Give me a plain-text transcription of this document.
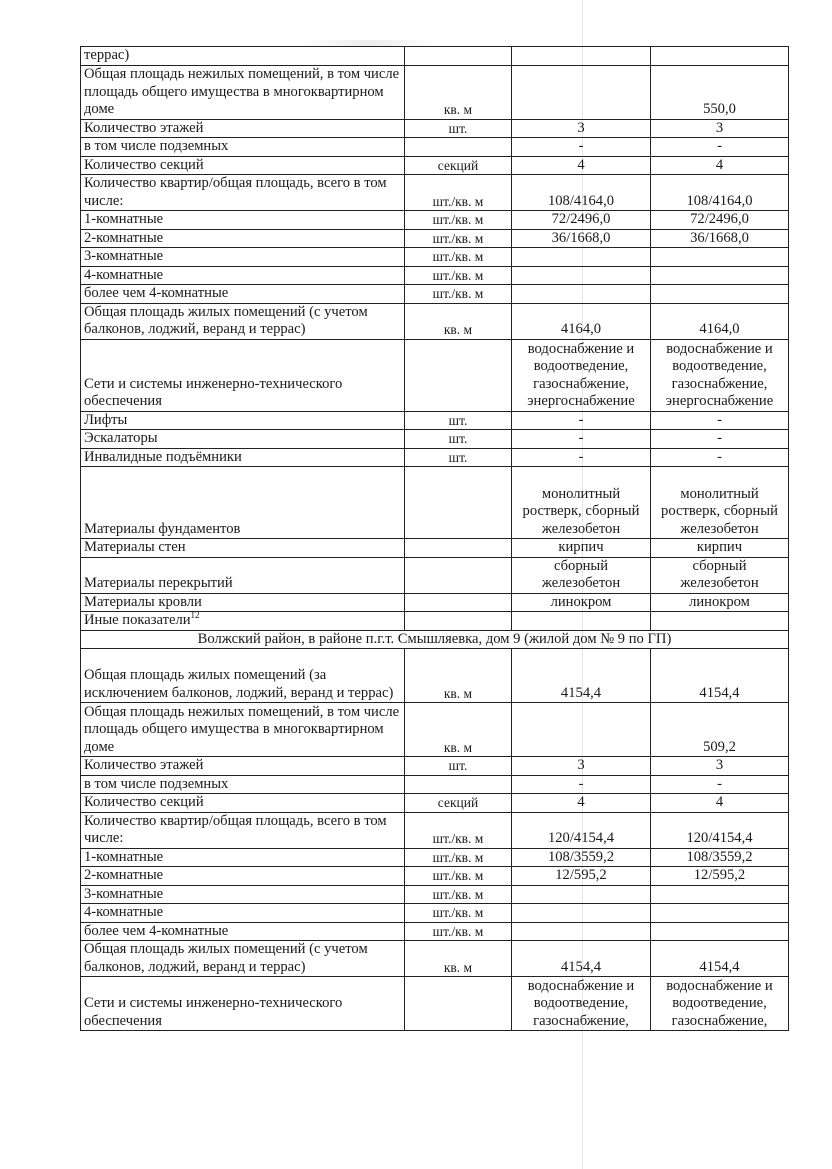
террас)			
Общая площадь нежилых помещений, в том числе площадь общего имущества в многоквартирном доме	кв. м		550,0
Количество этажей	шт.	3	3
в том числе подземных		-	-
Количество секций	секций	4	4
Количество квартир/общая площадь, всего в том числе:	шт./кв. м	108/4164,0	108/4164,0
1-комнатные	шт./кв. м	72/2496,0	72/2496,0
2-комнатные	шт./кв. м	36/1668,0	36/1668,0
3-комнатные	шт./кв. м		
4-комнатные	шт./кв. м		
более чем 4-комнатные	шт./кв. м		
Общая площадь жилых помещений (с учетом балконов, лоджий, веранд и террас)	кв. м	4164,0	4164,0
Сети и системы инженерно-технического обеспечения		водоснабжение и водоотведение, газоснабжение, энергоснабжение	водоснабжение и водоотведение, газоснабжение, энергоснабжение
Лифты	шт.	-	-
Эскалаторы	шт.	-	-
Инвалидные подъёмники	шт.	-	-
Материалы фундаментов		монолитный ростверк, сборный железобетон	монолитный ростверк, сборный железобетон
Материалы стен		кирпич	кирпич
Материалы перекрытий		сборный железобетон	сборный железобетон
Материалы кровли		линокром	линокром
Иные показатели$^{12}$			
Волжский район, в районе п.г.т. Смышляевка, дом 9 (жилой дом № 9 по ГП)			
Общая площадь жилых помещений (за исключением балконов, лоджий, веранд и террас)	кв. м	4154,4	4154,4
Общая площадь нежилых помещений, в том числе площадь общего имущества в многоквартирном доме	кв. м		509,2
Количество этажей	шт.	3	3
в том числе подземных		-	-
Количество секций	секций	4	4
Количество квартир/общая площадь, всего в том числе:	шт./кв. м	120/4154,4	120/4154,4
1-комнатные	шт./кв. м	108/3559,2	108/3559,2
2-комнатные	шт./кв. м	12/595,2	12/595,2
3-комнатные	шт./кв. м		
4-комнатные	шт./кв. м		
более чем 4-комнатные	шт./кв. м		
Общая площадь жилых помещений (с учетом балконов, лоджий, веранд и террас)	кв. м	4154,4	4154,4
Сети и системы инженерно-технического обеспечения		водоснабжение и водоотведение, газоснабжение,	водоснабжение и водоотведение, газоснабжение,
